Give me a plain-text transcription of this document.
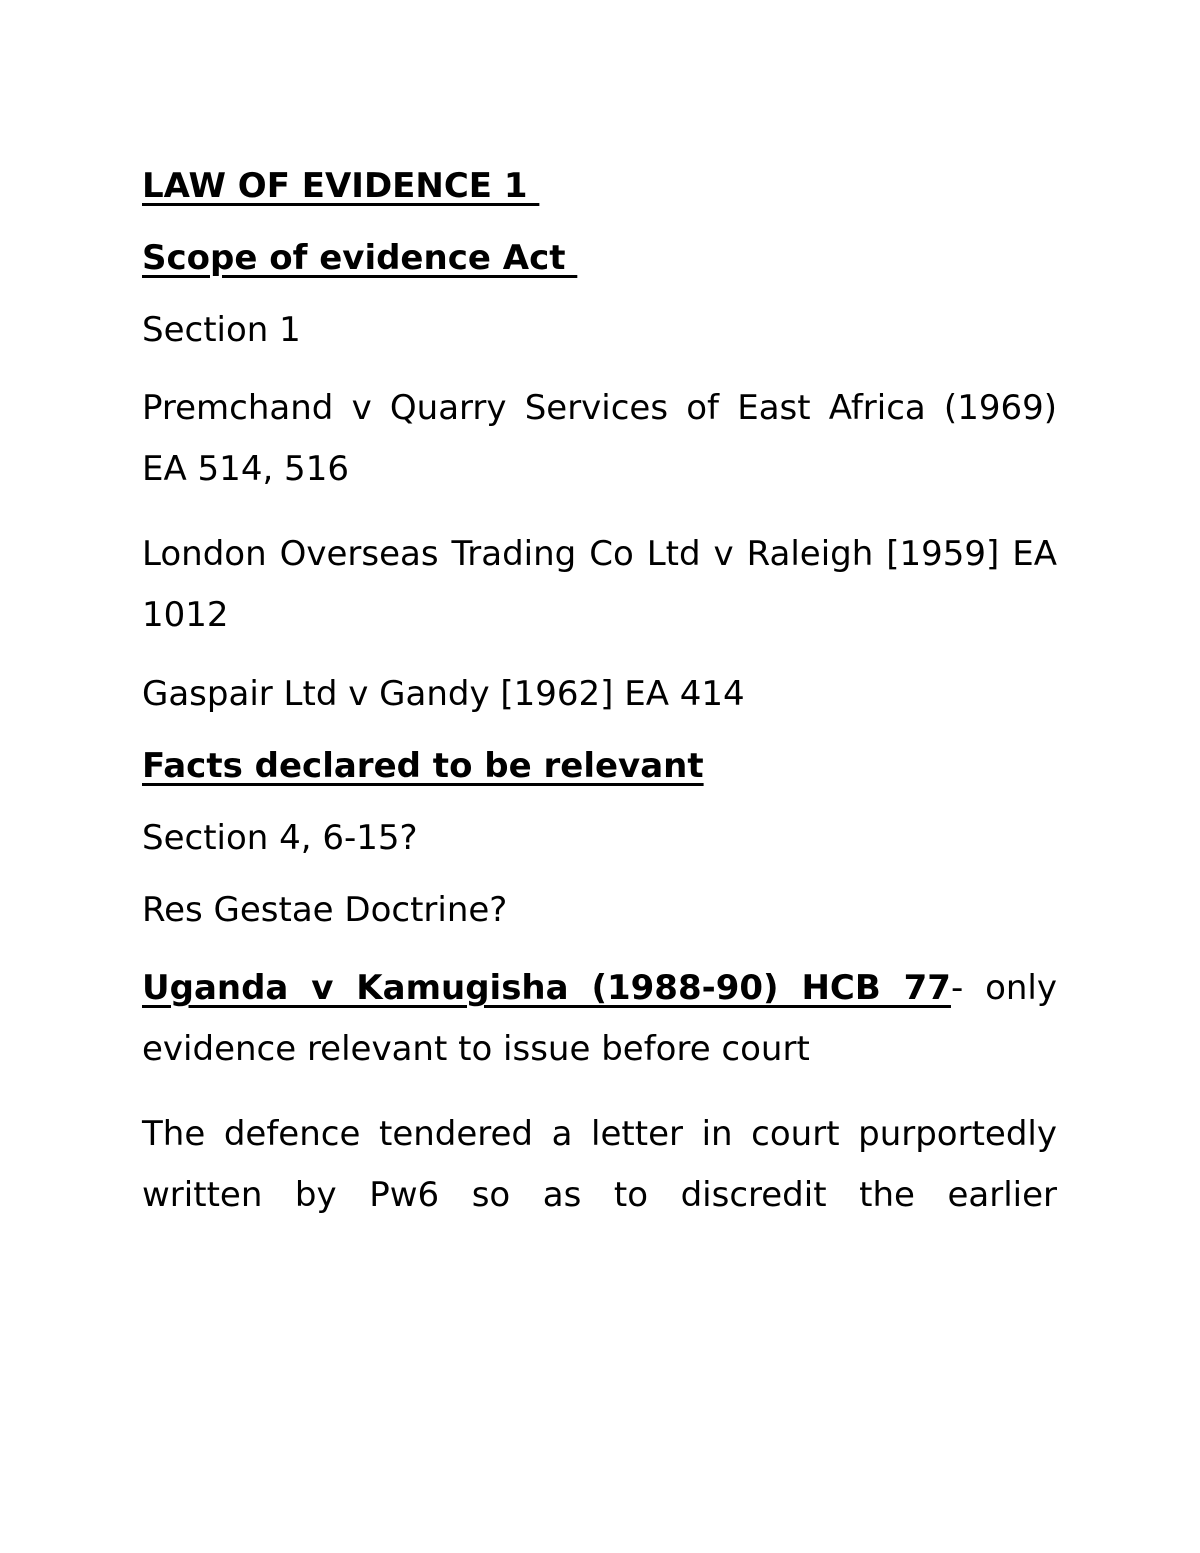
LAW OF EVIDENCE 1

Scope of evidence Act

Section 1

Premchand v Quarry Services of East Africa (1969) EA 514, 516

London Overseas Trading Co Ltd v Raleigh [1959] EA 1012

Gaspair Ltd v Gandy [1962] EA 414

Facts declared to be relevant

Section 4, 6-15?

Res Gestae Doctrine?

Uganda v Kamugisha (1988-90) HCB 77- only evidence relevant to issue before court

The defence tendered a letter in court purportedly written by Pw6 so as to discredit the earlier
